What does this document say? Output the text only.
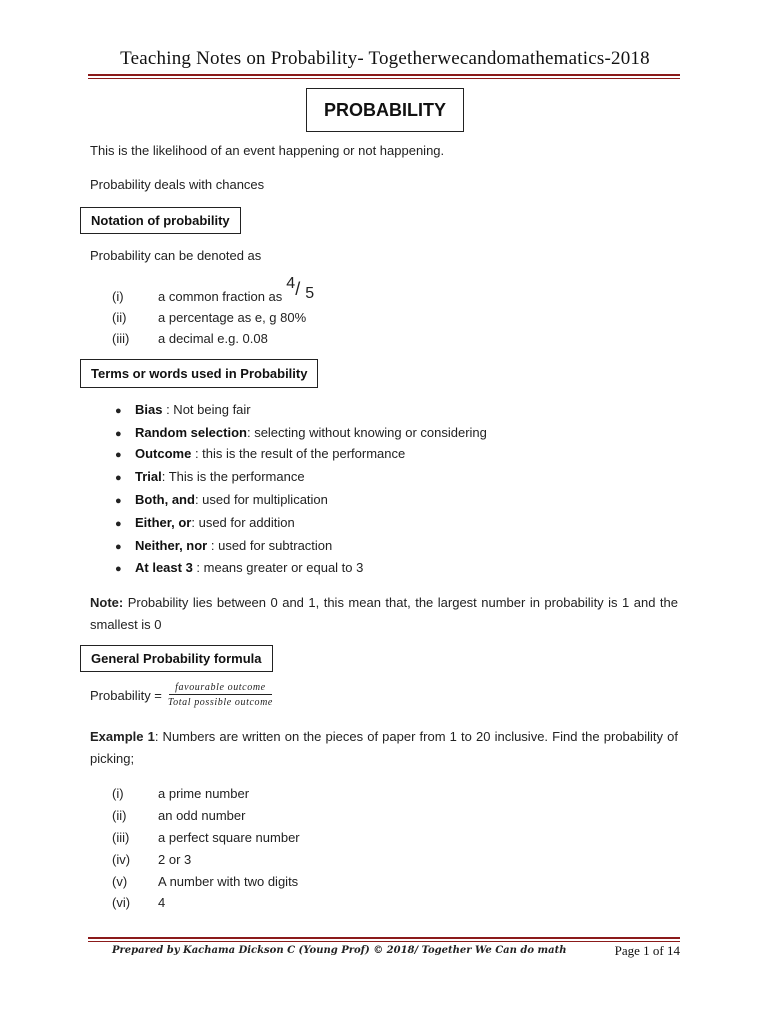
Teaching Notes on Probability- Togetherwecandomathematics-2018
PROBABILITY
This is the likelihood of an event happening or not happening.
Probability deals with chances
Notation of probability
Probability can be denoted as
(i)	a common fraction as
4 / 5
(ii) a percentage as e, g 80%
(iii) a decimal e.g. 0.08
Terms or words used in Probability
● Bias : Not being fair
● Random selection: selecting without knowing or considering
● Outcome : this is the result of the performance
● Trial: This is the performance
● Both, and: used for multiplication
● Either, or: used for addition
● Neither, nor : used for subtraction
● At least 3 : means greater or equal to 3
Note: Probability lies between 0 and 1, this mean that, the largest number in probability is 1 and the smallest is 0
General Probability formula
Probability = $\frac{\text{favourable outcome}}{\text{Total possible outcome}}$
Example 1: Numbers are written on the pieces of paper from 1 to 20 inclusive. Find the probability of picking;
(i)	a prime number
(ii) an odd number
(iii) a perfect square number
(iv) 2 or 3
(v) A number with two digits
(vi) 4
Prepared by Kachama Dickson C (Young Prof) © 2018/ Together We Can do math	Page 1 of 14
